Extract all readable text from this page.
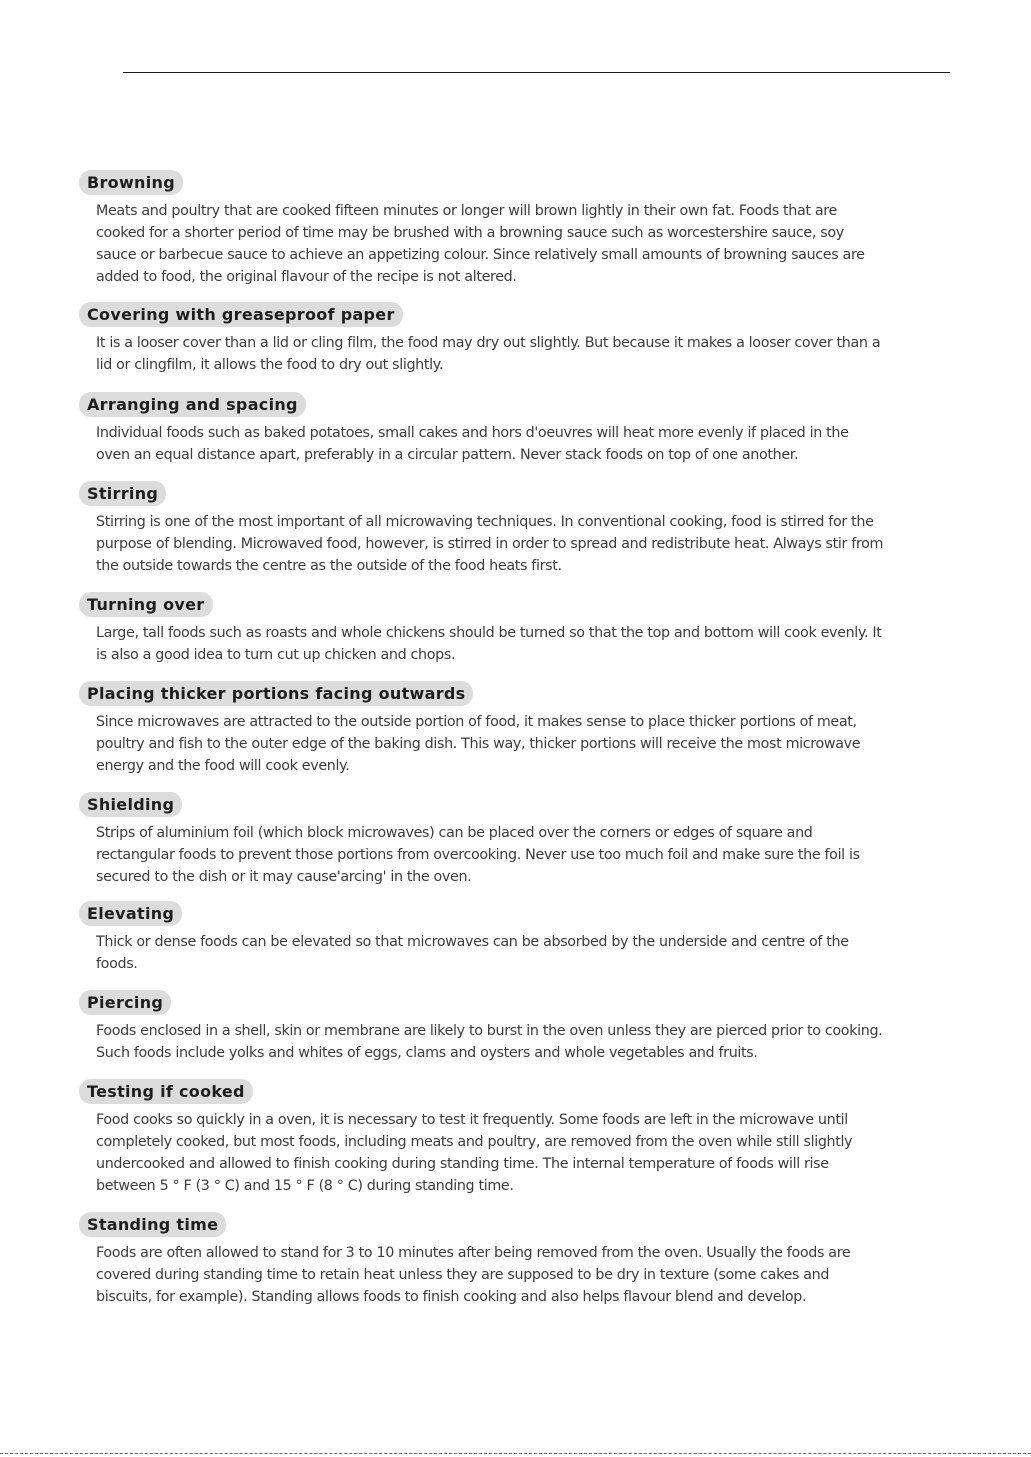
Browning

Meats and poultry that are cooked fifteen minutes or longer will brown lightly in their own fat. Foods that are cooked for a shorter period of time may be brushed with a browning sauce such as worcestershire sauce, soy sauce or barbecue sauce to achieve an appetizing colour. Since relatively small amounts of browning sauces are added to food, the original flavour of the recipe is not altered.

Covering with greaseproof paper

It is a looser cover than a lid or cling film, the food may dry out slightly. But because it makes a looser cover than a lid or clingfilm, it allows the food to dry out slightly.

Arranging and spacing

Individual foods such as baked potatoes, small cakes and hors d'oeuvres will heat more evenly if placed in the oven an equal distance apart, preferably in a circular pattern. Never stack foods on top of one another.

Stirring

Stirring is one of the most important of all microwaving techniques. In conventional cooking, food is stirred for the purpose of blending. Microwaved food, however, is stirred in order to spread and redistribute heat. Always stir from the outside towards the centre as the outside of the food heats first.

Turning over

Large, tall foods such as roasts and whole chickens should be turned so that the top and bottom will cook evenly. It is also a good idea to turn cut up chicken and chops.

Placing thicker portions facing outwards

Since microwaves are attracted to the outside portion of food, it makes sense to place thicker portions of meat, poultry and fish to the outer edge of the baking dish. This way, thicker portions will receive the most microwave energy and the food will cook evenly.

Shielding

Strips of aluminium foil (which block microwaves) can be placed over the corners or edges of square and rectangular foods to prevent those portions from overcooking. Never use too much foil and make sure the foil is secured to the dish or it may cause'arcing' in the oven.

Elevating

Thick or dense foods can be elevated so that microwaves can be absorbed by the underside and centre of the foods.

Piercing

Foods enclosed in a shell, skin or membrane are likely to burst in the oven unless they are pierced prior to cooking. Such foods include yolks and whites of eggs, clams and oysters and whole vegetables and fruits.

Testing if cooked

Food cooks so quickly in a oven, it is necessary to test it frequently. Some foods are left in the microwave until completely cooked, but most foods, including meats and poultry, are removed from the oven while still slightly undercooked and allowed to finish cooking during standing time. The internal temperature of foods will rise between 5 ° F (3 ° C) and 15 ° F (8 ° C) during standing time.

Standing time

Foods are often allowed to stand for 3 to 10 minutes after being removed from the oven. Usually the foods are covered during standing time to retain heat unless they are supposed to be dry in texture (some cakes and biscuits, for example). Standing allows foods to finish cooking and also helps flavour blend and develop.
